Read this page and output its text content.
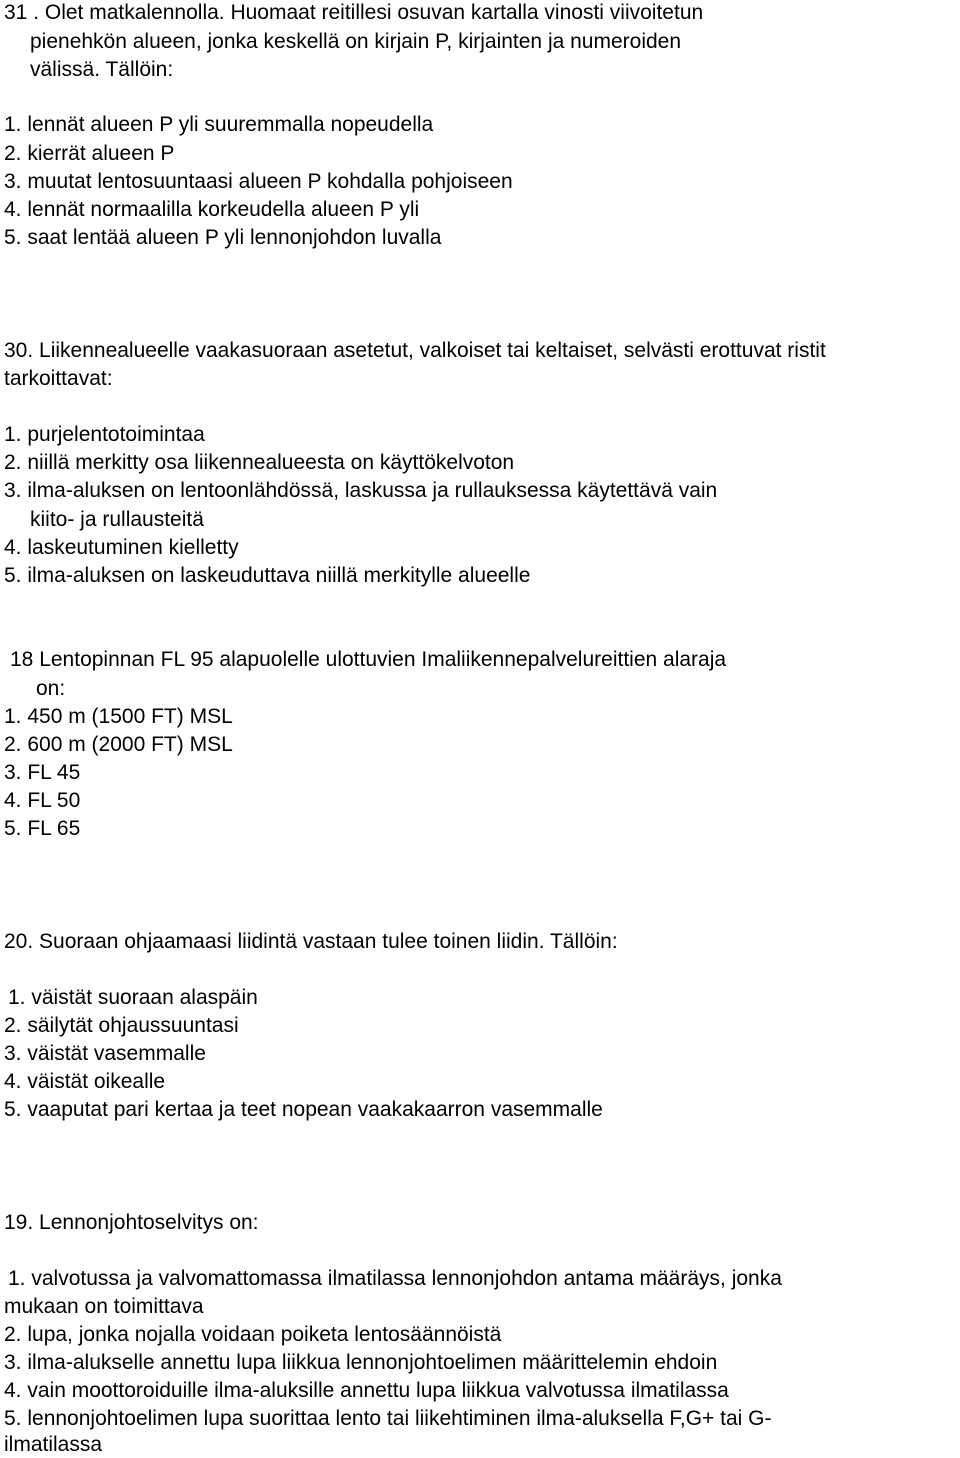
31 . Olet matkalennolla. Huomaat reitillesi osuvan kartalla vinosti viivoitetun
pienehkön alueen, jonka keskellä on kirjain P, kirjainten ja numeroiden
välissä. Tällöin:
1. lennät alueen P yli suuremmalla nopeudella
2. kierrät alueen P
3. muutat lentosuuntaasi alueen P kohdalla pohjoiseen
4. lennät normaalilla korkeudella alueen P yli
5. saat lentää alueen P yli lennonjohdon luvalla
30. Liikennealueelle vaakasuoraan asetetut, valkoiset tai keltaiset, selvästi erottuvat ristit
tarkoittavat:
1. purjelentotoimintaa
2. niillä merkitty osa liikennealueesta on käyttökelvoton
3. ilma-aluksen on lentoonlähdössä, laskussa ja rullauksessa käytettävä vain
kiito- ja rullausteitä
4. laskeutuminen kielletty
5. ilma-aluksen on laskeuduttava niillä merkitylle alueelle
18 Lentopinnan FL 95 alapuolelle ulottuvien Imaliikennepalvelureittien alaraja
on:
1. 450 m (1500 FT) MSL
2. 600 m (2000 FT) MSL
3. FL 45
4. FL 50
5. FL 65
20. Suoraan ohjaamaasi liidintä vastaan tulee toinen liidin. Tällöin:
1. väistät suoraan alaspäin
2. säilytät ohjaussuuntasi
3. väistät vasemmalle
4. väistät oikealle
5. vaaputat pari kertaa ja teet nopean vaakakaarron vasemmalle
19. Lennonjohtoselvitys on:
1. valvotussa ja valvomattomassa ilmatilassa lennonjohdon antama määräys, jonka
mukaan on toimittava
2. lupa, jonka nojalla voidaan poiketa lentosäännöistä
3. ilma-alukselle annettu lupa liikkua lennonjohtoelimen määrittelemin ehdoin
4. vain moottoroiduille ilma-aluksille annettu lupa liikkua valvotussa ilmatilassa
5. lennonjohtoelimen lupa suorittaa lento tai liikehtiminen ilma-aluksella F,G+ tai G-
ilmatilassa
